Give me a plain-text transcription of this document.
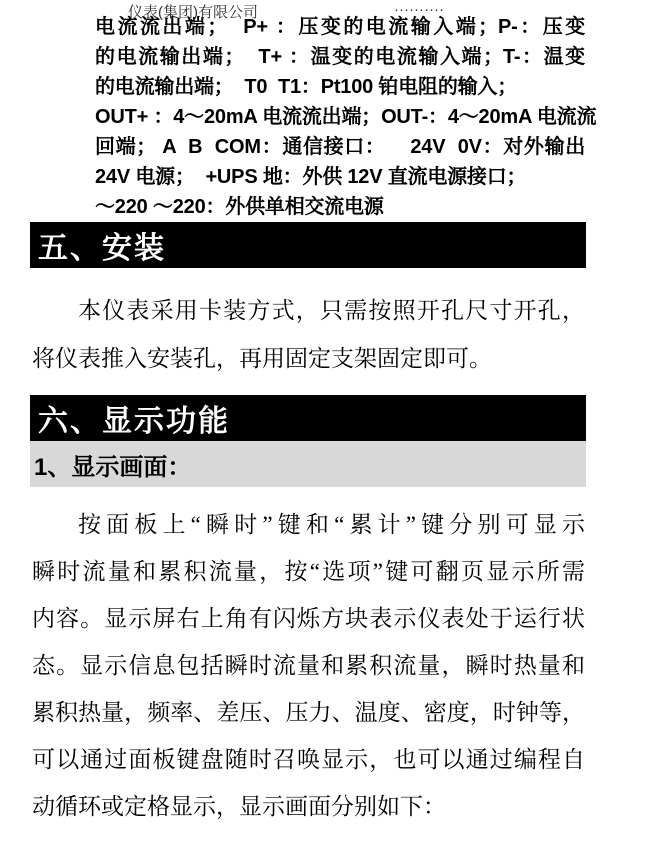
仪表(集团)有限公司	··········
电流流出端；  P+ ：压变的电流输入端；P-：压变
的电流输出端；  T+ ：温变的电流输入端；T-：温变
的电流输出端；  T0  T1：Pt100 铂电阻的输入；
OUT+ ：4～20mA 电流流出端；OUT-：4～20mA 电流流
回端； A  B  COM：通信接口：    24V  0V：对外输出
24V 电源；  +UPS 地：外供 12V 直流电源接口；
～220 ～220：外供单相交流电源
五、安装
本仪表采用卡装方式，只需按照开孔尺寸开孔，
将仪表推入安装孔，再用固定支架固定即可。
六、显示功能
1、显示画面：
按面板上“瞬时”键和“累计”键分别可显示
瞬时流量和累积流量，按“选项”键可翻页显示所需
内容。显示屏右上角有闪烁方块表示仪表处于运行状
态。显示信息包括瞬时流量和累积流量，瞬时热量和
累积热量，频率、差压、压力、温度、密度，时钟等，
可以通过面板键盘随时召唤显示，也可以通过编程自
动循环或定格显示，显示画面分别如下：
